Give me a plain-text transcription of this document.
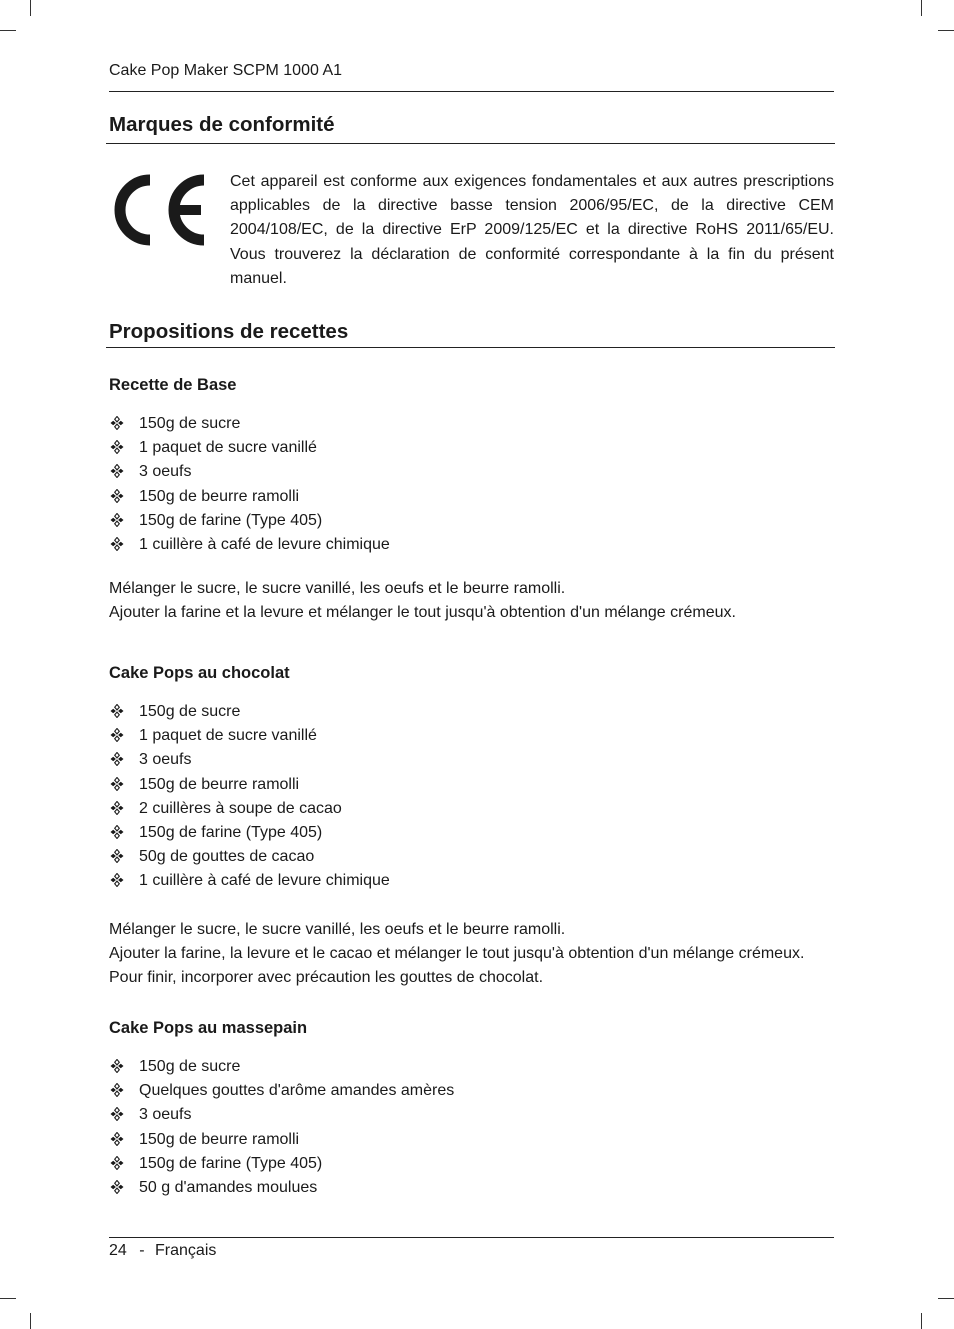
Cake Pop Maker SCPM 1000 A1
Marques de conformité

Cet appareil est conforme aux exigences fondamentales et aux autres prescriptions applicables de la directive basse tension 2006/95/EC, de la directive CEM 2004/108/EC, de la directive ErP 2009/125/EC et la directive RoHS 2011/65/EU. Vous trouverez la déclaration de conformité correspondante à la fin du présent manuel.

Propositions de recettes
Recette de Base
150g de sucre
1 paquet de sucre vanillé
3 oeufs
150g de beurre ramolli
150g de farine (Type 405)
1 cuillère à café de levure chimique
Mélanger le sucre, le sucre vanillé, les oeufs et le beurre ramolli.
Ajouter la farine et la levure et mélanger le tout jusqu'à obtention d'un mélange crémeux.
Cake Pops au chocolat
150g de sucre
1 paquet de sucre vanillé
3 oeufs
150g de beurre ramolli
2 cuillères à soupe de cacao
150g de farine (Type 405)
50g de gouttes de cacao
1 cuillère à café de levure chimique
Mélanger le sucre, le sucre vanillé, les oeufs et le beurre ramolli.
Ajouter la farine, la levure et le cacao et mélanger le tout jusqu'à obtention d'un mélange crémeux.
Pour finir, incorporer avec précaution les gouttes de chocolat.
Cake Pops au massepain
150g de sucre
Quelques gouttes d'arôme amandes amères
3 oeufs
150g de beurre ramolli
150g de farine (Type 405)
50 g d'amandes moulues
24 - Français
